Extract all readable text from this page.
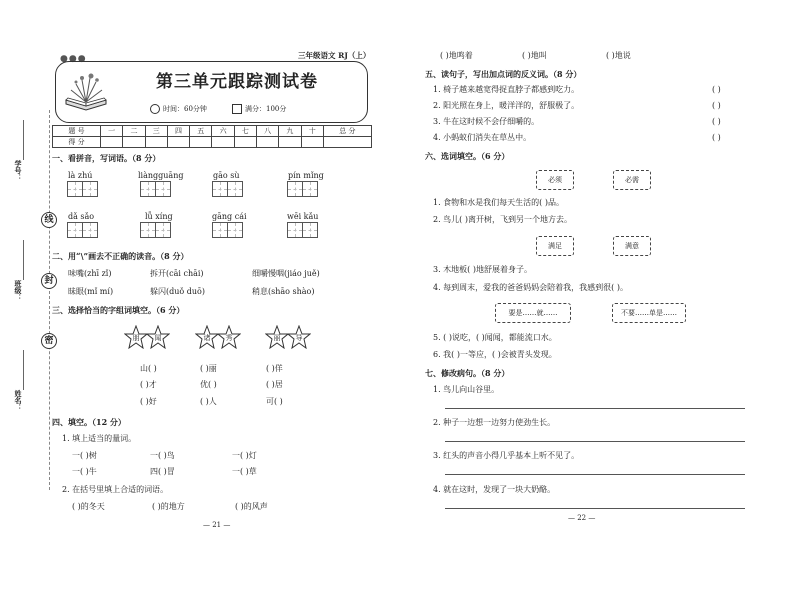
线
封
密
学号：
班级：
姓名：
●●●	三年级语文 RJ（上）
第三单元跟踪测试卷
时间：60分钟	满分：100分
题 号	一	二	三	四	五	六	七	八	九	十	总 分
得 分											
一、看拼音，写词语。（8 分）
là zhú	liàngguāng	gāo sù	pín mǐng
dǎ sǎo	lǚ xíng	gāng cái	wēi kǎu
二、用“\”画去不正确的读音。（8 分）
味嘴(zhī zǐ)	拆开(cāi chāi)	细嚼慢咽(jiáo juě)
昧眼(mǐ mí)	躲闪(duǒ duō)	稍息(shāo shào)
三、选择恰当的字组词填空。（6 分）
朋	闻	诸	秀	丽	导
山( )	( )丽	( )佯
( )才	优( )	( )居
( )好	( )人	可( )
四、填空。（12 分）
1. 填上适当的量词。
一( )树	一( )鸟	一( )灯
一( )牛	四( )冒	一( )草
2. 在括号里填上合适的词语。
( )的冬天	( )的地方	( )的风声
— 21 —
( )地鸣着	( )地叫	( )地说
五、读句子，写出加点词的反义词。（8 分）
1. 椅子越来越宽得捉直脖子都感到吃力。	( )
2. 阳光照在身上，暖洋洋的，舒服极了。	( )
3. 牛在这时候不会仔细嚼的。	( )
4. 小蚂蚁们消失在草丛中。	( )
六、选词填空。（6 分）
必须	必需
1. 食物和水是我们每天生活的( )品。
2. 鸟儿( )离开树，飞到另一个地方去。
满足	满意
3. 木地板( )地舒展着身子。
4. 每到周末，爱我的爸爸妈妈会陪着我，我感到很( )。
要是……就……	不要……单是……
5. ( )说吃，( )闻闻，都能流口水。
6. 我( )一等应，( )会被青头发现。
七、修改病句。（8 分）
1. 鸟儿向山谷里。
2. 种子一边想一边努力使劲生长。
3. 红头的声音小得几乎基本上听不见了。
4. 就在这时，发现了一块大奶酪。
— 22 —
